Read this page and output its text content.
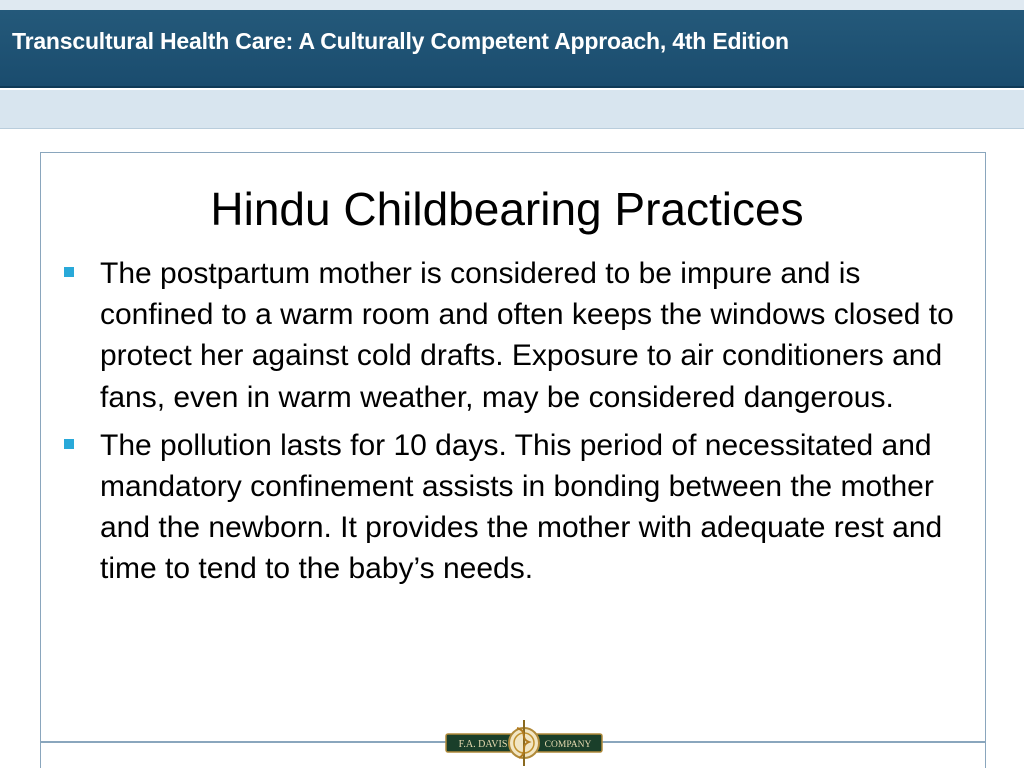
Transcultural Health Care: A Culturally Competent Approach, 4th Edition
Hindu Childbearing Practices
The postpartum mother is considered to be impure and is confined to a warm room and often keeps the windows closed to protect her against cold drafts. Exposure to air conditioners and fans, even in warm weather, may be considered dangerous.
The pollution lasts for 10 days. This period of necessitated and mandatory confinement assists in bonding between the mother and the newborn. It provides the mother with adequate rest and time to tend to the baby’s needs.
F.A. DAVIS	COMPANY
